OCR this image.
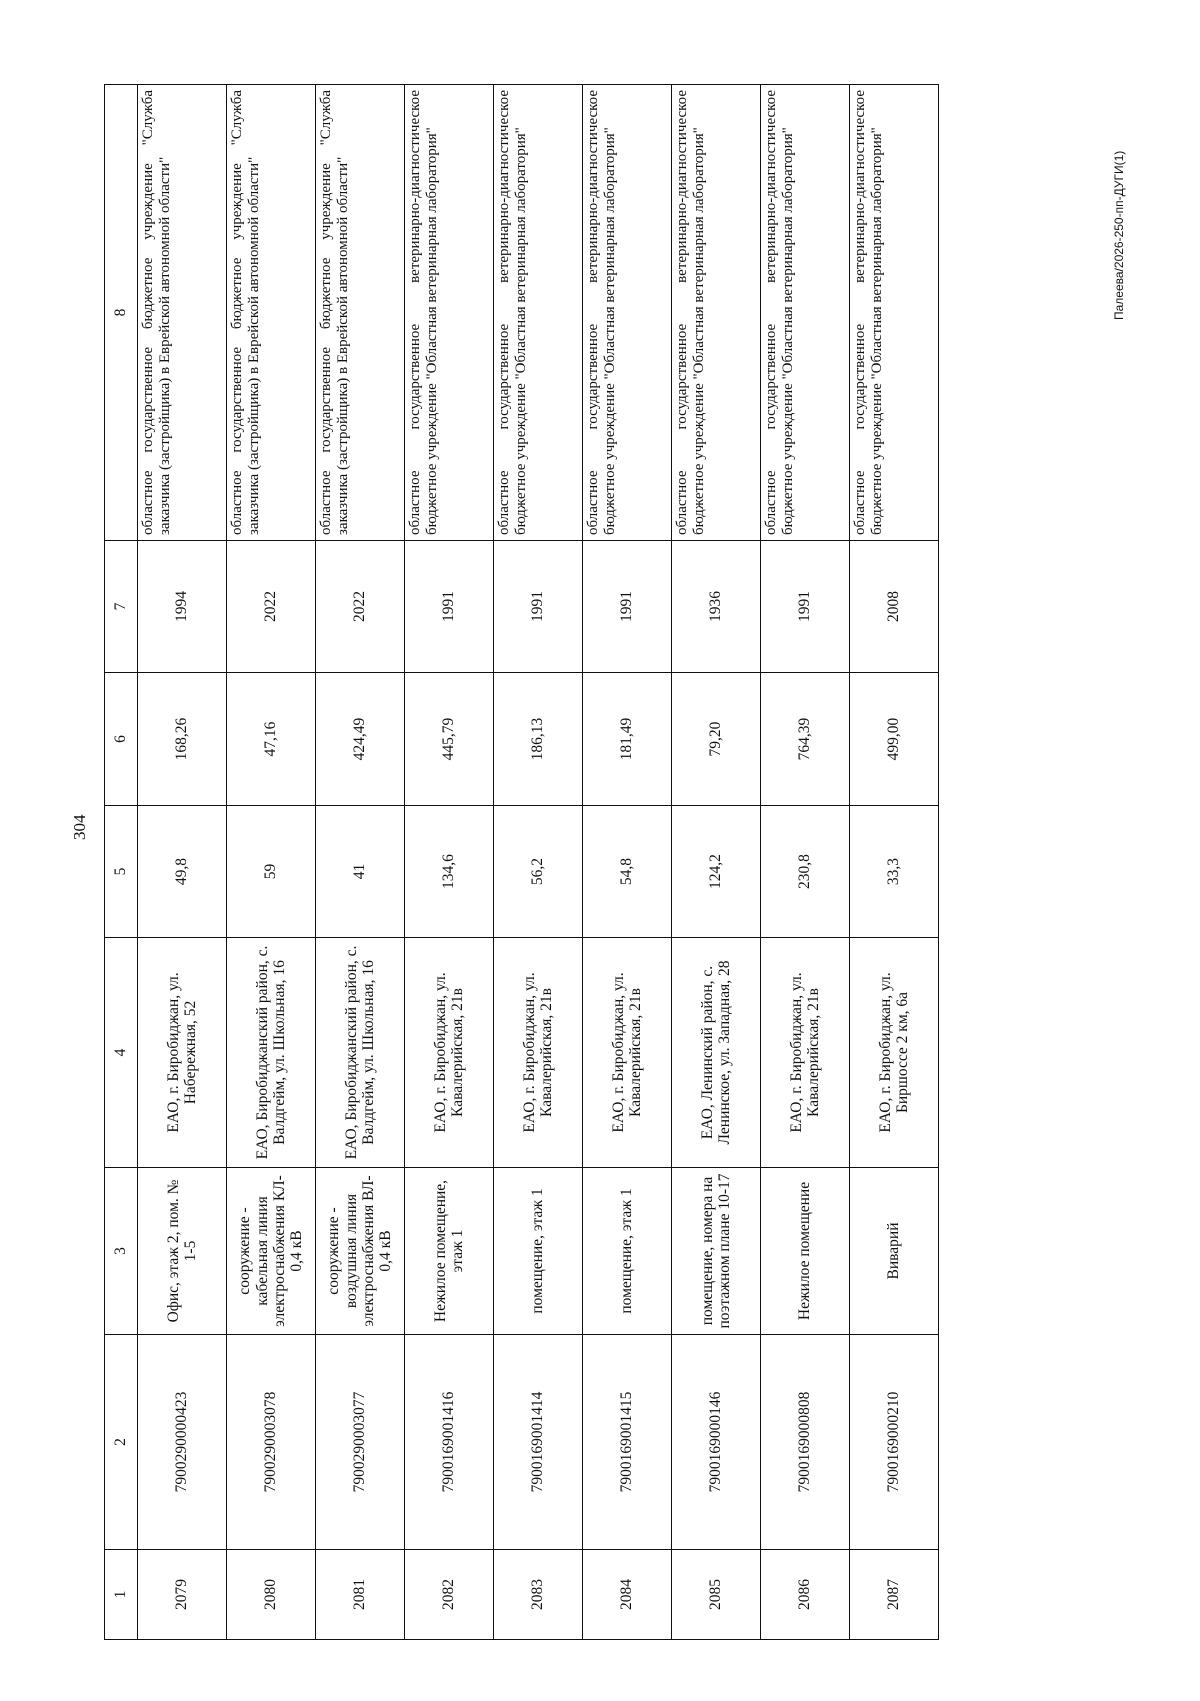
304
1	2	3	4	5	6	7	8
2079	7900290000423	Офис, этаж 2, пом. № 1-5	ЕАО, г. Биробиджан, ул. Набережная, 52	49,8	168,26	1994	областное государственное бюджетное учреждение "Служба заказчика (застройщика) в Еврейской автономной области"
2080	7900290003078	сооружение - кабельная линия электроснабжения КЛ- 0,4 кВ	ЕАО, Биробиджанский район, с. Валдгейм, ул. Школьная, 16	59	47,16	2022	областное государственное бюджетное учреждение "Служба заказчика (застройщика) в Еврейской автономной области"
2081	7900290003077	сооружение - воздушная линия электроснабжения ВЛ- 0,4 кВ	ЕАО, Биробиджанский район, с. Валдгейм, ул. Школьная, 16	41	424,49	2022	областное государственное бюджетное учреждение "Служба заказчика (застройщика) в Еврейской автономной области"
2082	7900169001416	Нежилое помещение, этаж 1	ЕАО, г. Биробиджан, ул. Кавалерийская, 21в	134,6	445,79	1991	областное государственное ветеринарно-диагностическое бюджетное учреждение "Областная ветеринарная лаборатория"
2083	7900169001414	помещение, этаж 1	ЕАО, г. Биробиджан, ул. Кавалерийская, 21в	56,2	186,13	1991	областное государственное ветеринарно-диагностическое бюджетное учреждение "Областная ветеринарная лаборатория"
2084	7900169001415	помещение, этаж 1	ЕАО, г. Биробиджан, ул. Кавалерийская, 21в	54,8	181,49	1991	областное государственное ветеринарно-диагностическое бюджетное учреждение "Областная ветеринарная лаборатория"
2085	7900169000146	помещение, номера на поэтажном плане 10-17	ЕАО, Ленинский район, с. Ленинское, ул. Западная, 28	124,2	79,20	1936	областное государственное ветеринарно-диагностическое бюджетное учреждение "Областная ветеринарная лаборатория"
2086	7900169000808	Нежилое помещение	ЕАО, г. Биробиджан, ул. Кавалерийская, 21в	230,8	764,39	1991	областное государственное ветеринарно-диагностическое бюджетное учреждение "Областная ветеринарная лаборатория"
2087	7900169000210	Виварий	ЕАО, г. Биробиджан, ул. Биршоссе 2 км, 6а	33,3	499,00	2008	областное государственное ветеринарно-диагностическое бюджетное учреждение "Областная ветеринарная лаборатория"	Палеева/2026-250-пп-ДУГИ(1)
